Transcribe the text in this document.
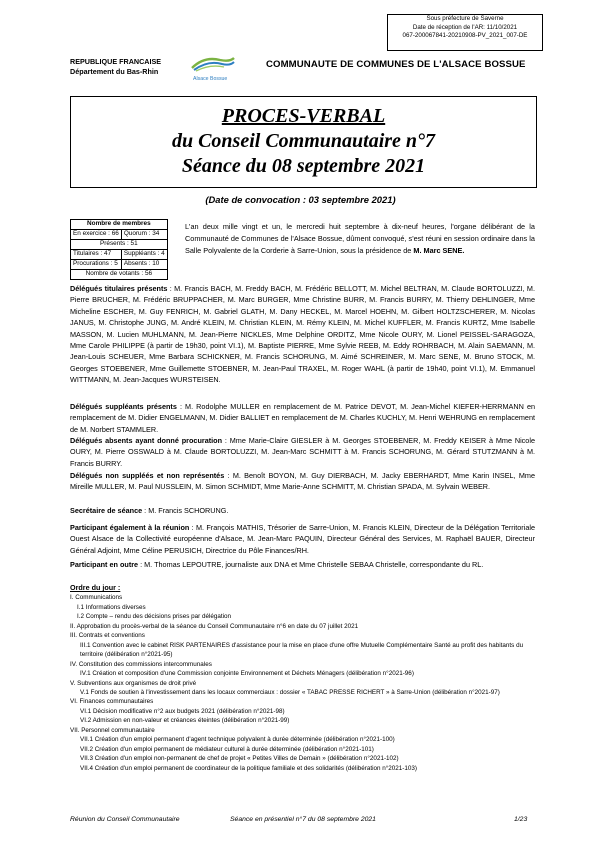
Sous préfecture de Saverne
Date de réception de l'AR: 11/10/2021
067-200067841-20210908-PV_2021_007-DE
REPUBLIQUE FRANCAISE
Département du Bas-Rhin
Alsace Bossue
COMMUNAUTE DE COMMUNES DE L'ALSACE BOSSUE
PROCES-VERBAL
du Conseil Communautaire n°7
Séance du 08 septembre 2021
(Date de convocation : 03 septembre 2021)
Nombre de membres	
En exercice : 66	Quorum : 34
Présents : 51	
Titulaires : 47	Suppléants : 4
Procurations : 5	Absents : 10
Nombre de votants : 56	
L'an deux mille vingt et un, le mercredi huit septembre à dix-neuf heures, l'organe délibérant de la Communauté de Communes de l'Alsace Bossue, dûment convoqué, s'est réuni en session ordinaire dans la Salle Polyvalente de la Corderie à Sarre-Union, sous la présidence de M. Marc SENE.
Délégués titulaires présents : M. Francis BACH, M. Freddy BACH, M. Frédéric BELLOTT, M. Michel BELTRAN, M. Claude BORTOLUZZI, M. Pierre BRUCHER, M. Frédéric BRUPPACHER, M. Marc BURGER, Mme Christine BURR, M. Francis BURRY, M. Thierry DEHLINGER, Mme Micheline ESCHER, M. Guy FENRICH, M. Gabriel GLATH, M. Dany HECKEL, M. Marcel HOEHN, M. Gilbert HOLTZSCHERER, M. Nicolas JANUS, M. Christophe JUNG, M. André KLEIN, M. Christian KLEIN, M. Rémy KLEIN, M. Michel KUFFLER, M. Francis KURTZ, Mme Isabelle MASSON, M. Lucien MUHLMANN, M. Jean-Pierre NICKLES, Mme Delphine ORDITZ, Mme Nicole OURY, M. Lionel PEISSEL-SARAGOZA, Mme Carole PHILIPPE (à partir de 19h30, point VI.1), M. Baptiste PIERRE, Mme Sylvie REEB, M. Eddy ROHRBACH, M. Alain SAEMANN, M. Jean-Louis SCHEUER, Mme Barbara SCHICKNER, M. Francis SCHORUNG, M. Aimé SCHREINER, M. Marc SENE, M. Bruno STOCK, M. Georges STOEBENER, Mme Guillemette STOEBNER, M. Jean-Paul TRAXEL, M. Roger WAHL (à partir de 19h40, point VI.1), M. Emmanuel WITTMANN, M. Jean-Jacques WURSTEISEN.
Délégués suppléants présents : M. Rodolphe MULLER en remplacement de M. Patrice DEVOT, M. Jean-Michel KIEFER-HERRMANN en remplacement de M. Didier ENGELMANN, M. Didier BALLIET en remplacement de M. Charles KUCHLY, M. Henri WEHRUNG en remplacement de M. Norbert STAMMLER.
Délégués absents ayant donné procuration : Mme Marie-Claire GIESLER à M. Georges STOEBENER, M. Freddy KEISER à Mme Nicole OURY, M. Pierre OSSWALD à M. Claude BORTOLUZZI, M. Jean-Marc SCHMITT à M. Francis SCHORUNG, M. Gérard STUTZMANN à M. Francis BURRY.
Délégués non suppléés et non représentés : M. Benoît BOYON, M. Guy DIERBACH, M. Jacky EBERHARDT, Mme Karin INSEL, Mme Mireille MULLER, M. Paul NUSSLEIN, M. Simon SCHMIDT, Mme Marie-Anne SCHMITT, M. Christian SPADA, M. Sylvain WEBER.
Secrétaire de séance : M. Francis SCHORUNG.
Participant également à la réunion : M. François MATHIS, Trésorier de Sarre-Union, M. Francis KLEIN, Directeur de la Délégation Territoriale Ouest Alsace de la Collectivité européenne d'Alsace, M. Jean-Marc PAQUIN, Directeur Général des Services, M. Raphaël BAUER, Directeur Général Adjoint, Mme Céline PERUSICH, Directrice du Pôle Finances/RH.
Participant en outre : M. Thomas LEPOUTRE, journaliste aux DNA et Mme Christelle SEBAA Christelle, correspondante du RL.
Ordre du jour :
I. Communications
I.1 Informations diverses
I.2 Compte – rendu des décisions prises par délégation
II. Approbation du procès-verbal de la séance du Conseil Communautaire n°6 en date du 07 juillet 2021
III. Contrats et conventions
III.1 Convention avec le cabinet RISK PARTENAIRES d'assistance pour la mise en place d'une offre Mutuelle Complémentaire Santé au profit des habitants du territoire (délibération n°2021-95)
IV. Constitution des commissions intercommunales
IV.1 Création et composition d'une Commission conjointe Environnement et Déchets Ménagers (délibération n°2021-96)
V. Subventions aux organismes de droit privé
V.1 Fonds de soutien à l'investissement dans les locaux commerciaux : dossier « TABAC PRESSE RICHERT » à Sarre-Union (délibération n°2021-97)
VI. Finances communautaires
VI.1 Décision modificative n°2 aux budgets 2021 (délibération n°2021-98)
VI.2 Admission en non-valeur et créances éteintes (délibération n°2021-99)
VII. Personnel communautaire
VII.1 Création d'un emploi permanent d'agent technique polyvalent à durée déterminée (délibération n°2021-100)
VII.2 Création d'un emploi permanent de médiateur culturel à durée déterminée (délibération n°2021-101)
VII.3 Création d'un emploi non-permanent de chef de projet « Petites Villes de Demain » (délibération n°2021-102)
VII.4 Création d'un emploi permanent de coordinateur de la politique familiale et des solidarités (délibération n°2021-103)
Réunion du Conseil Communautaire	Séance en présentiel n°7 du 08 septembre 2021	1/23
